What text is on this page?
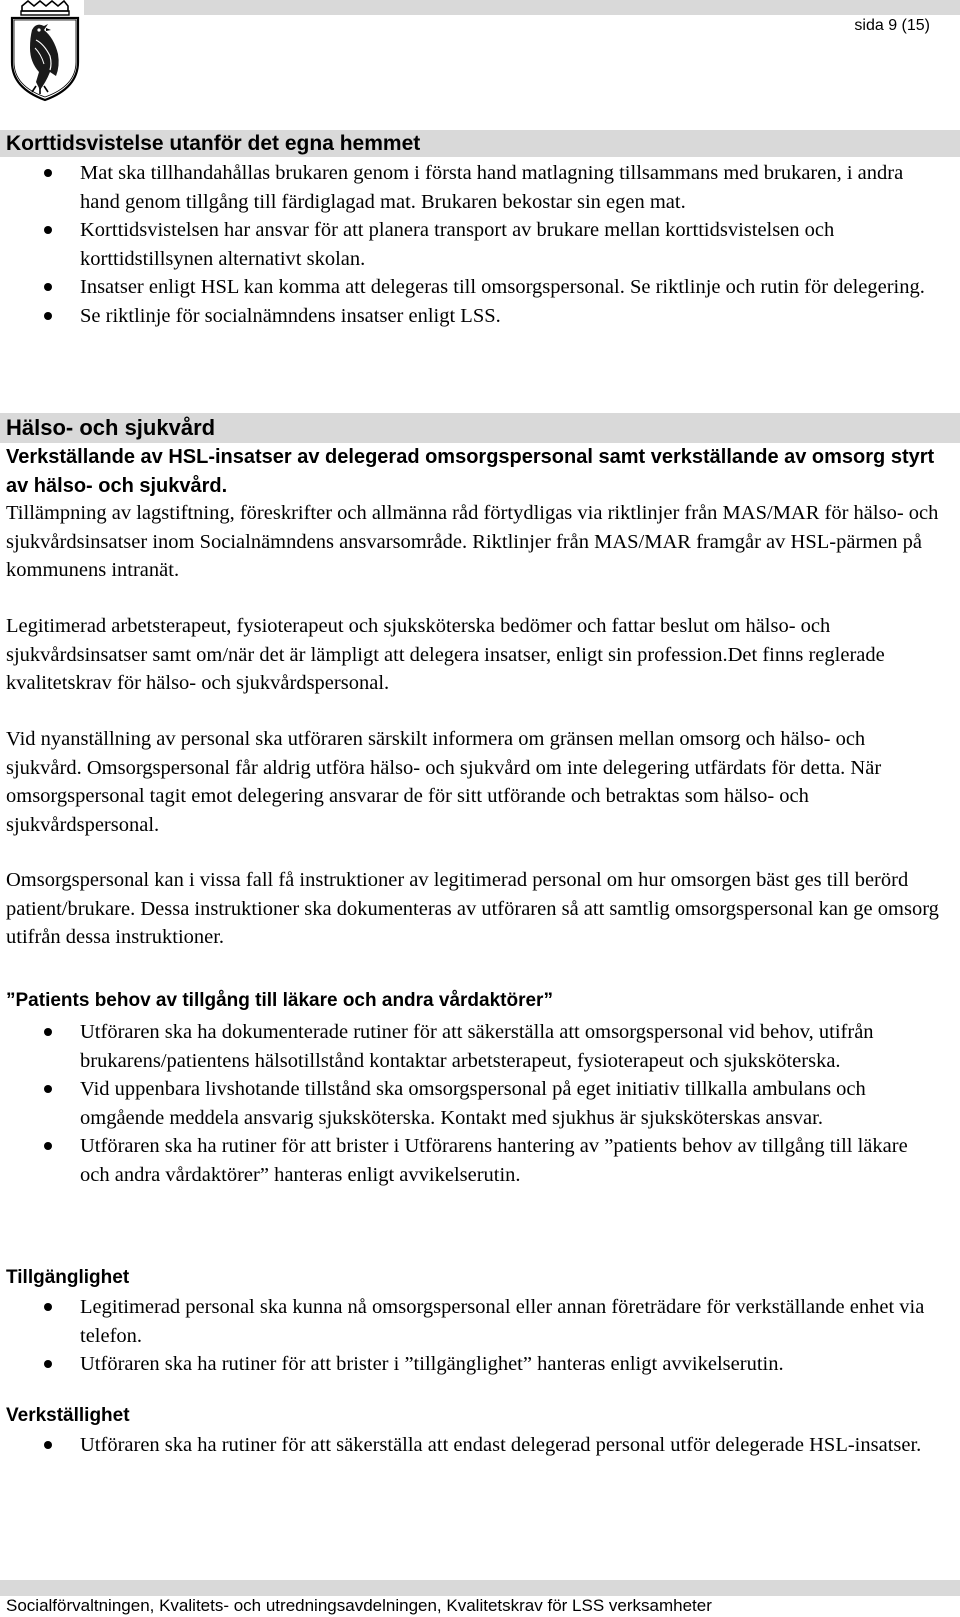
sida 9 (15)
Korttidsvistelse utanför det egna hemmet
Mat ska tillhandahållas brukaren genom i första hand matlagning tillsammans med brukaren, i andra hand genom tillgång till färdiglagad mat. Brukaren bekostar sin egen mat.
Korttidsvistelsen har ansvar för att planera transport av brukare mellan korttidsvistelsen och korttidstillsynen alternativt skolan.
Insatser enligt HSL kan komma att delegeras till omsorgspersonal. Se riktlinje och rutin för delegering.
Se riktlinje för socialnämndens insatser enligt LSS.
Hälso- och sjukvård
Verkställande av HSL-insatser av delegerad omsorgspersonal samt verkställande av omsorg styrt av hälso- och sjukvård.
Tillämpning av lagstiftning, föreskrifter och allmänna råd förtydligas via riktlinjer från MAS/MAR för hälso- och sjukvårdsinsatser inom Socialnämndens ansvarsområde. Riktlinjer från MAS/MAR framgår av HSL-pärmen på kommunens intranät.
Legitimerad arbetsterapeut, fysioterapeut och sjuksköterska bedömer och fattar beslut om hälso- och sjukvårdsinsatser samt om/när det är lämpligt att delegera insatser, enligt sin profession.Det finns reglerade kvalitetskrav för hälso- och sjukvårdspersonal.
Vid nyanställning av personal ska utföraren särskilt informera om gränsen mellan omsorg och hälso- och sjukvård. Omsorgspersonal får aldrig utföra hälso- och sjukvård om inte delegering utfärdats för detta. När omsorgspersonal tagit emot delegering ansvarar de för sitt utförande och betraktas som hälso- och sjukvårdspersonal.
Omsorgspersonal kan i vissa fall få instruktioner av legitimerad personal om hur omsorgen bäst ges till berörd patient/brukare. Dessa instruktioner ska dokumenteras av utföraren så att samtlig omsorgspersonal kan ge omsorg utifrån dessa instruktioner.
”Patients behov av tillgång till läkare och andra vårdaktörer”
Utföraren ska ha dokumenterade rutiner för att säkerställa att omsorgspersonal vid behov, utifrån brukarens/patientens hälsotillstånd kontaktar arbetsterapeut, fysioterapeut och sjuksköterska.
Vid uppenbara livshotande tillstånd ska omsorgspersonal på eget initiativ tillkalla ambulans och omgående meddela ansvarig sjuksköterska. Kontakt med sjukhus är sjuksköterskas ansvar.
Utföraren ska ha rutiner för att brister i Utförarens hantering av ”patients behov av tillgång till läkare och andra vårdaktörer” hanteras enligt avvikelserutin.
Tillgänglighet
Legitimerad personal ska kunna nå omsorgspersonal eller annan företrädare för verkställande enhet via telefon.
Utföraren ska ha rutiner för att brister i ”tillgänglighet” hanteras enligt avvikelserutin.
Verkställighet
Utföraren ska ha rutiner för att säkerställa att endast delegerad personal utför delegerade HSL-insatser.
Socialförvaltningen, Kvalitets- och utredningsavdelningen, Kvalitetskrav för LSS verksamheter
